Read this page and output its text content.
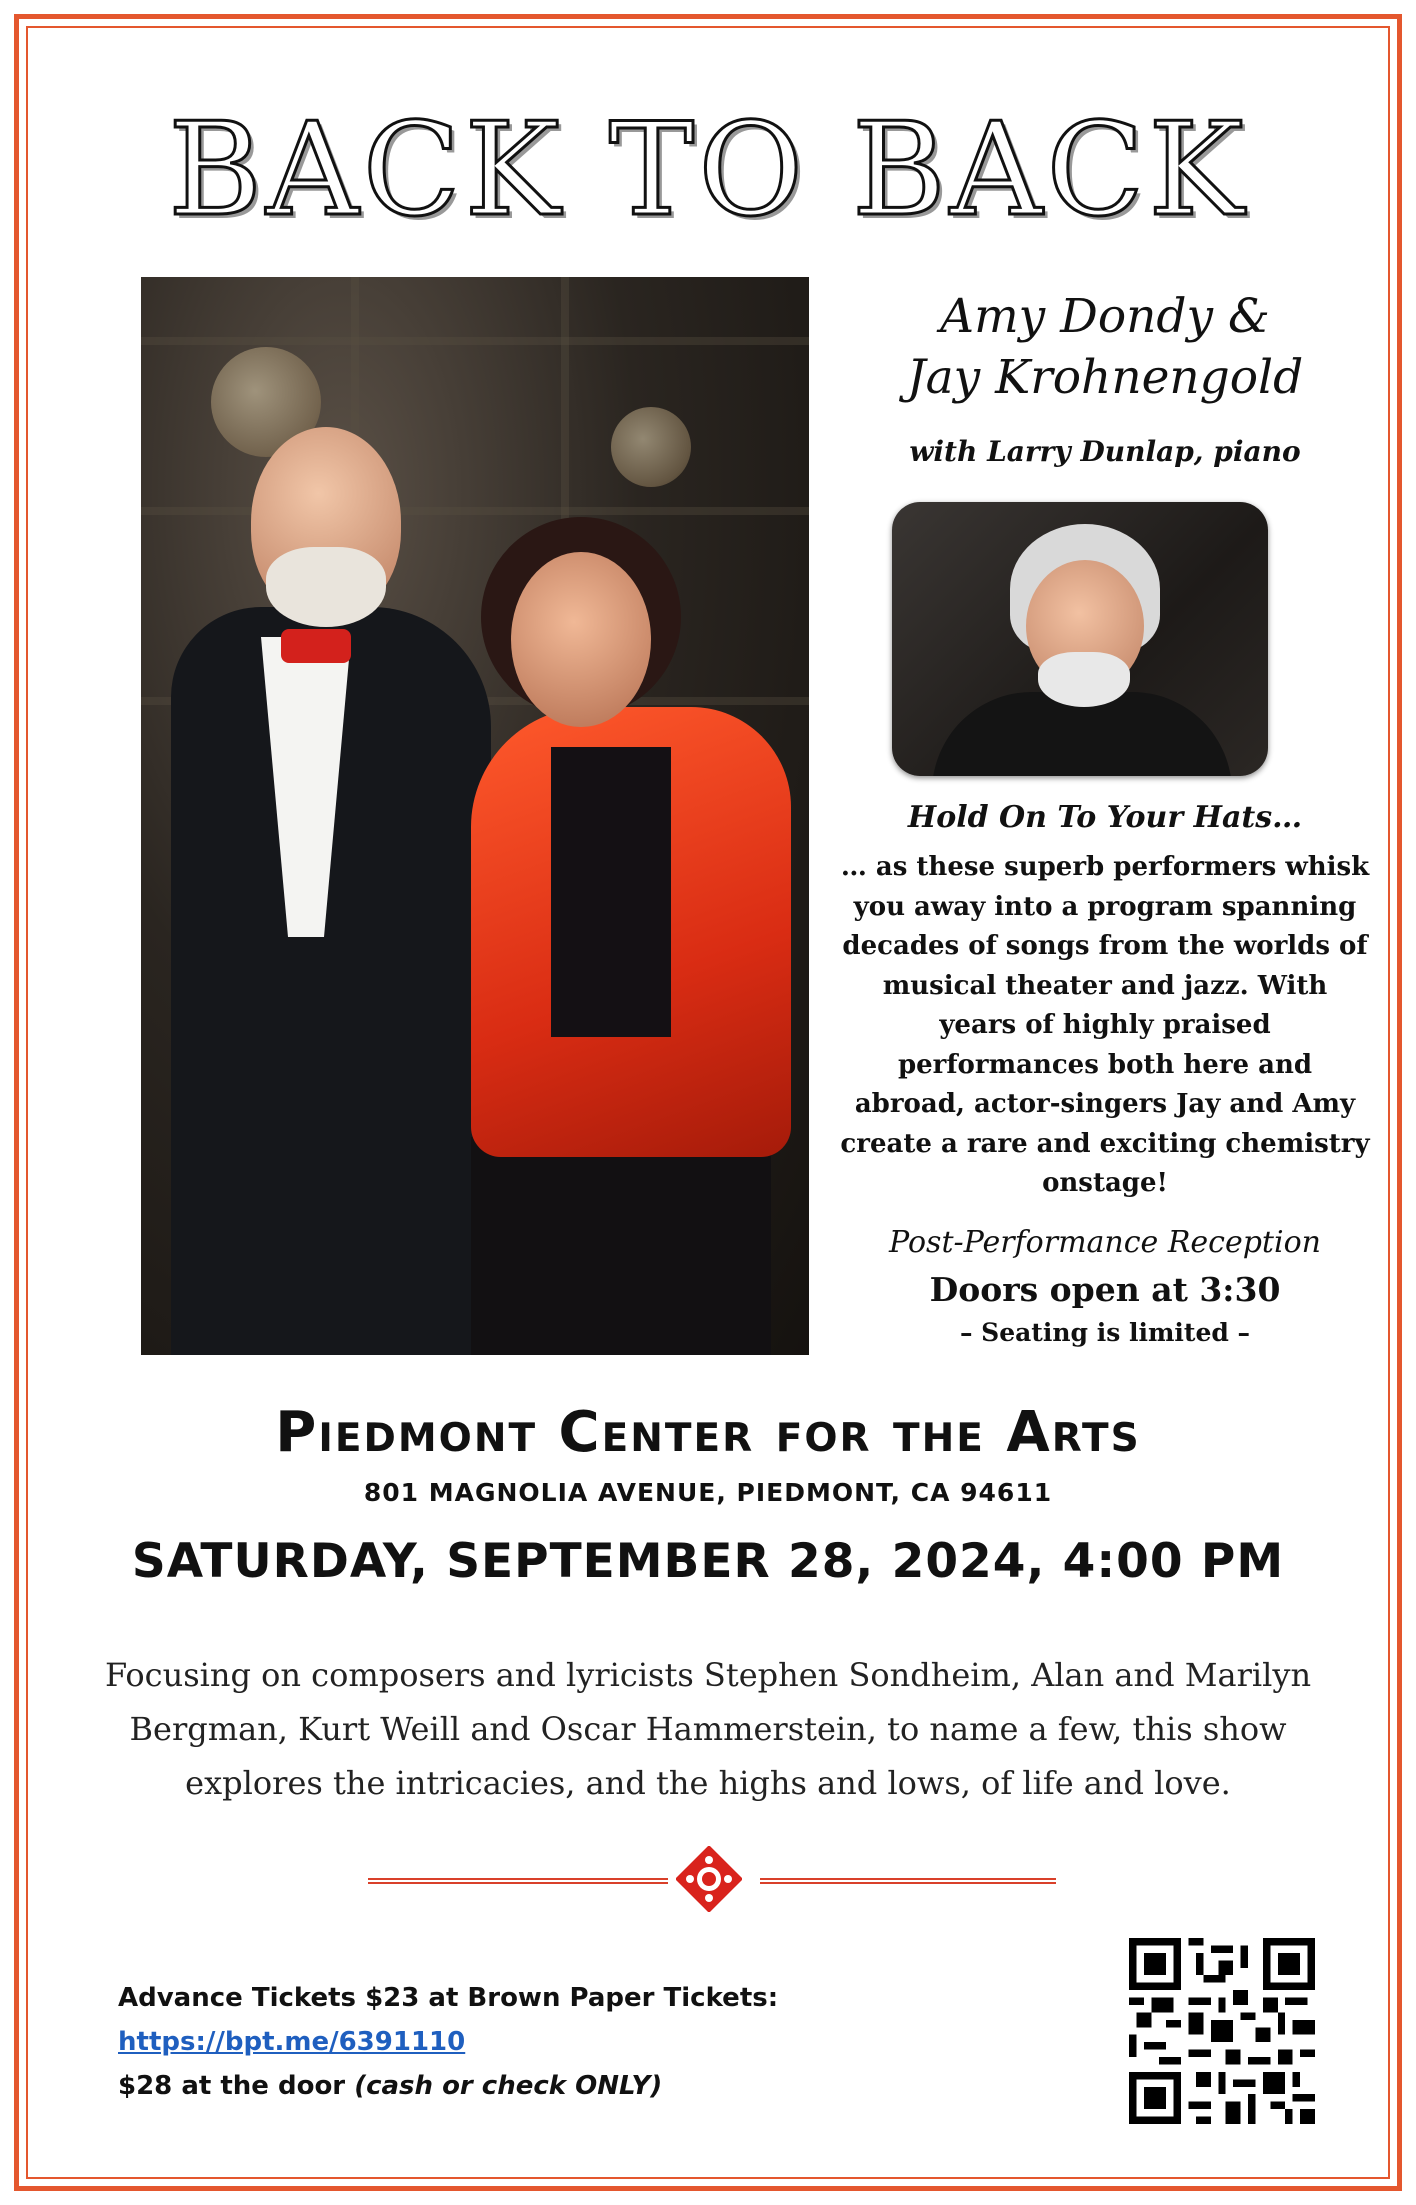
BACK TO BACK
Amy Dondy &
Jay Krohnengold
with Larry Dunlap, piano
Hold On To Your Hats…
… as these superb performers whisk you away into a program spanning decades of songs from the worlds of musical theater and jazz. With years of highly praised performances both here and abroad, actor-singers Jay and Amy create a rare and exciting chemistry onstage!
Post-Performance Reception
Doors open at 3:30
– Seating is limited –
Piedmont Center for the Arts
801 MAGNOLIA AVENUE, PIEDMONT, CA 94611
SATURDAY, SEPTEMBER 28, 2024, 4:00 PM

Focusing on composers and lyricists Stephen Sondheim, Alan and Marilyn Bergman, Kurt Weill and Oscar Hammerstein, to name a few, this show explores the intricacies, and the highs and lows, of life and love.

Advance Tickets $23 at Brown Paper Tickets: https://bpt.me/6391110
$28 at the door (cash or check ONLY)
